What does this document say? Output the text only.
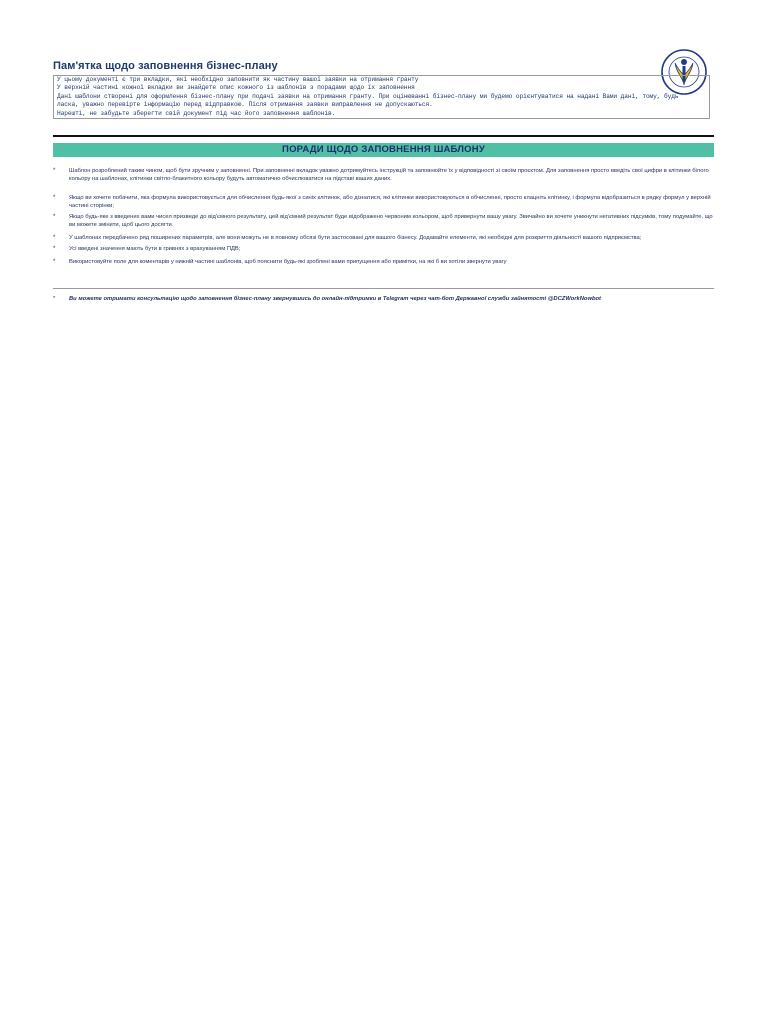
Пам'ятка щодо заповнення бізнес-плану
У цьому документі є три вкладки, які необхідно заповнити як частину вашої заявки на отримання гранту
У верхній частині кожної вкладки ви знайдете опис кожного із шаблонів з порадами щодо їх заповнення
Дані шаблони створені для оформлення бізнес-плану при подачі заявки на отримання гранту. При оцінюванні бізнес-плану ми будемо орієнтуватися на надані Вами дані, тому, будь
ласка, уважно перевірте інформацію перед відправкою. Після отримання заявки виправлення не допускаються.
Нарешті, не забудьте зберегти свій документ під час його заповнення шаблонів.
ПОРАДИ ЩОДО ЗАПОВНЕННЯ ШАБЛОНУ
*	Шаблон розроблений таким чином, щоб бути зручним у заповненні. При заповненні вкладок уважно дотримуйтесь інструкцій та заповнюйте їх у відповідності зі своїм проєктом. Для заповнення просто введіть свої цифри в клітинки білого кольору на шаблонах, клітинки світло-блакитного кольору будуть автоматично обчислюватися на підставі ваших даних.
*	Якщо ви хочете побачити, яка формула використовується для обчислення будь-якої з синіх клітинок, або дізнатися, які клітинки використовуються в обчисленні, просто клацніть клітинку, і формула відобразиться в рядку формул у верхній частині сторінки;
*	Якщо будь-яке з введених вами чисел призведе до від'ємного результату, цей від'ємний результат буде відображено червоним кольором, щоб привернути вашу увагу. Звичайно ви хочете уникнути негативних підсумків, тому подумайте, що ви можете змінити, щоб цього досягти.
*	У шаблонах передбачено ряд поширених параметрів, але вони можуть не в повному обсязі бути застосовані для вашого бізнесу. Додавайте елементи, які необхідні для розкриття діяльності вашого підприємства;
*	Усі введені значення мають бути в гривнях з врахуванням ПДВ;
*	Використовуйте поле для коментарів у нижній частині шаблонів, щоб пояснити будь-які зроблені вами припущення або примітки, на які б ви хотіли звернути увагу
* Ви можете отримати консультацію щодо заповнення бізнес-плану звернувшись до онлайн-підтримки в Telegram через чат-бот Державної служби зайнятості @DCZWorkNowbot
